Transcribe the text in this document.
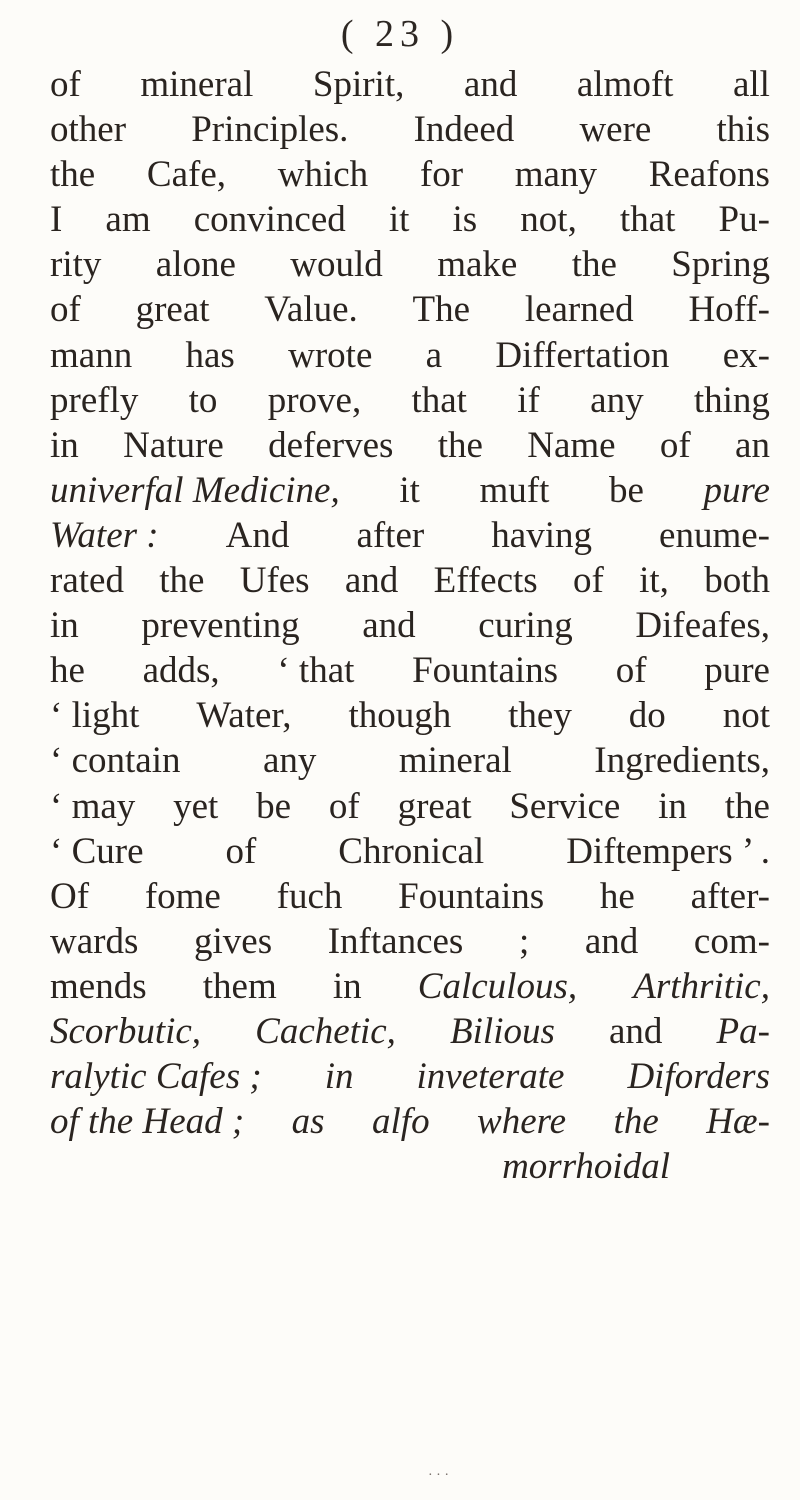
( 23 )
of mineral Spirit, and almoft all
other Principles. Indeed were this
the Cafe, which for many Reafons
I am convinced it is not, that Pu-
rity alone would make the Spring
of great Value. The learned Hoff-
mann has wrote a Differtation ex-
prefly to prove, that if any thing
in Nature deferves the Name of an
univerfal Medicine, it muft be pure
Water : And after having enume-
rated the Ufes and Effects of it, both
in preventing and curing Difeafes,
he adds, ‘ that Fountains of pure
‘ light Water, though they do not
‘ contain any mineral Ingredients,
‘ may yet be of great Service in the
‘ Cure of Chronical Diftempers ’ .
Of fome fuch Fountains he after-
wards gives Inftances ; and com-
mends them in Calculous, Arthritic,
Scorbutic, Cachetic, Bilious and Pa-
ralytic Cafes ; in inveterate Diforders
of the Head ; as alfo where the Hæ-
morrhoidal
· · ·
